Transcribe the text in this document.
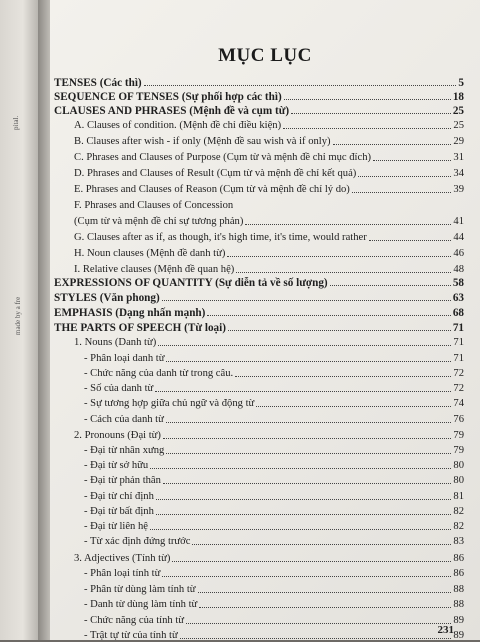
pital.
made by a fre
MỤC LỤC
TENSES (Các thì)	5
SEQUENCE OF TENSES (Sự phối hợp các thì)	18
CLAUSES AND PHRASES (Mệnh đề và cụm từ)	25
A. Clauses of condition. (Mệnh đề chỉ điều kiện)	25
B. Clauses after wish - if only (Mệnh đề sau wish và if only)	29
C. Phrases and Clauses of Purpose (Cụm từ và mệnh đề chỉ mục đích)	31
D. Phrases and Clauses of Result (Cụm từ và mệnh đề chỉ kết quả)	34
E. Phrases and Clauses of Reason (Cụm từ và mệnh đề chỉ lý do)	39
F. Phrases and Clauses of Concession
(Cụm từ và mệnh đề chỉ sự tương phản)	41
G. Clauses after as if, as though, it's high time, it's time, would rather	44
H. Noun clauses (Mệnh đề danh từ)	46
I. Relative clauses (Mệnh đề quan hệ)	48
EXPRESSIONS OF QUANTITY (Sự diễn tả về số lượng)	58
STYLES (Văn phong)	63
EMPHASIS (Dạng nhấn mạnh)	68
THE PARTS OF SPEECH (Từ loại)	71
1. Nouns (Danh từ)	71
- Phân loại danh từ	71
- Chức năng của danh từ trong câu.	72
- Số của danh từ	72
- Sự tương hợp giữa chủ ngữ và động từ	74
- Cách của danh từ	76
2. Pronouns (Đại từ)	79
- Đại từ nhân xưng	79
- Đại từ sở hữu	80
- Đại từ phản thân	80
- Đại từ chỉ định	81
- Đại từ bất định	82
- Đại từ liên hệ	82
- Từ xác định đứng trước	83
3. Adjectives (Tính từ)	86
- Phân loại tính từ	86
- Phân từ dùng làm tính từ	88
- Danh từ dùng làm tính từ	88
- Chức năng của tính từ	89
- Trật tự từ của tính từ	89
231
